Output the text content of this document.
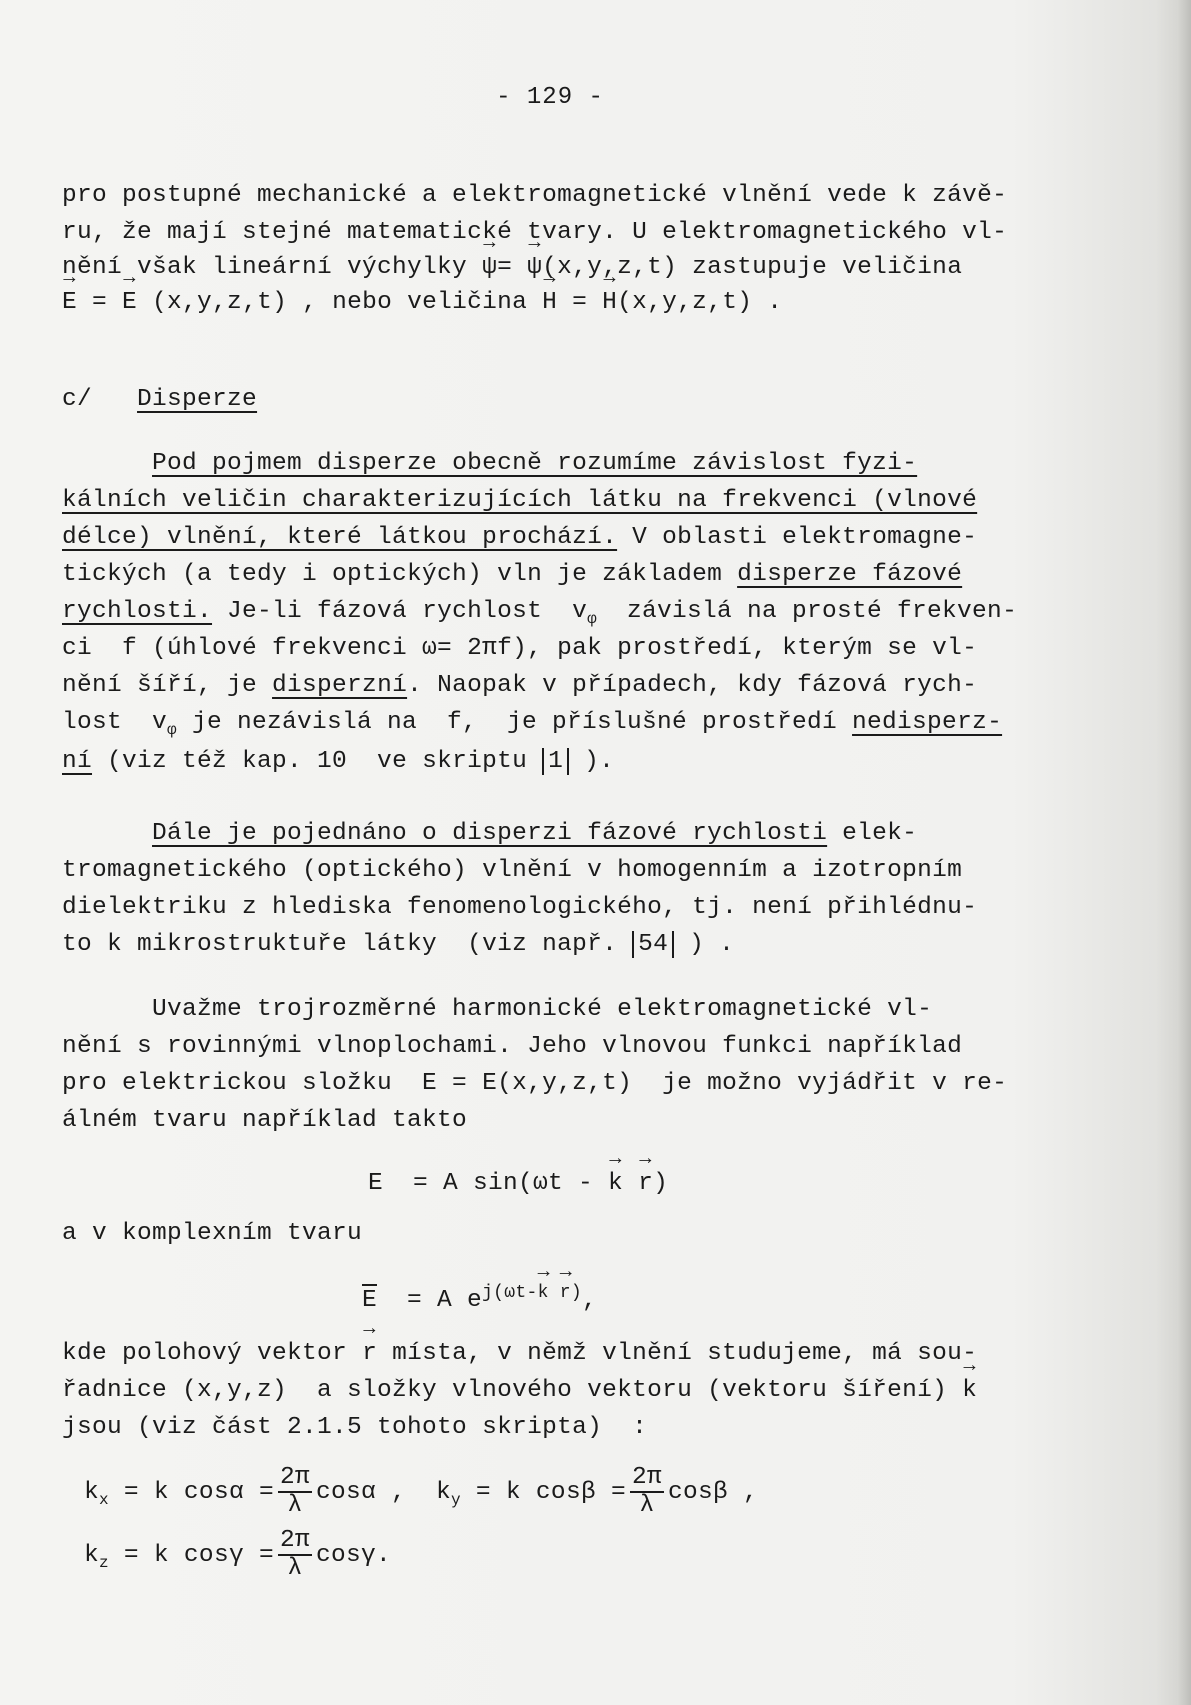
- 129 -
pro postupné mechanické a elektromagnetické vlnění vede k závě-
ru, že mají stejné matematické tvary. U elektromagnetického vl-
nění však lineární výchylky → ψ= → ψ(x,y,z,t) zastupuje veličina
→ E = → E (x,y,z,t) , nebo veličina → H = → H(x,y,z,t) .
c/ Disperze
Pod pojmem disperze obecně rozumíme závislost fyzi-
kálních veličin charakterizujících látku na frekvenci (vlnové
délce) vlnění, které látkou prochází. V oblasti elektromagne-
tických (a tedy i optických) vln je základem disperze fázové
rychlosti. Je-li fázová rychlost  $v_\varphi$  závislá na prosté frekven-
ci  f (úhlové frekvenci ω= 2πf), pak prostředí, kterým se vl-
nění šíří, je disperzní. Naopak v případech, kdy fázová rych-
lost  $v_\varphi$ je nezávislá na  f,  je příslušné prostředí nedisperz-
ní (viz též kap. 10  ve skriptu 1 ).
Dále je pojednáno o disperzi fázové rychlosti elek-
tromagnetického (optického) vlnění v homogenním a izotropním
dielektriku z hlediska fenomenologického, tj. není přihlédnu-
to k mikrostruktuře látky  (viz např. 54 ) .
Uvažme trojrozměrné harmonické elektromagnetické vl-
nění s rovinnými vlnoplochami. Jeho vlnovou funkci například
pro elektrickou složku  E = E(x,y,z,t)  je možno vyjádřit v re-
álném tvaru například takto
E  = A sin(ωt - → k → r)
a v komplexním tvaru
E  = A $e^{j(\omega t-\to k \to r)}$,
kde polohový vektor → r místa, v němž vlnění studujeme, má sou-
řadnice (x,y,z)  a složky vlnového vektoru (vektoru šíření) → k
jsou (viz část 2.1.5 tohoto skripta)  :
$k_x = k$ $\cos\alpha = \frac{2\pi}{\lambda}$ cosα , $k_y = k$ $\cos\beta = \frac{2\pi}{\lambda}$ cosβ ,
$k_z = k$ $\cos\gamma = \frac{2\pi}{\lambda} \cos\gamma$.
